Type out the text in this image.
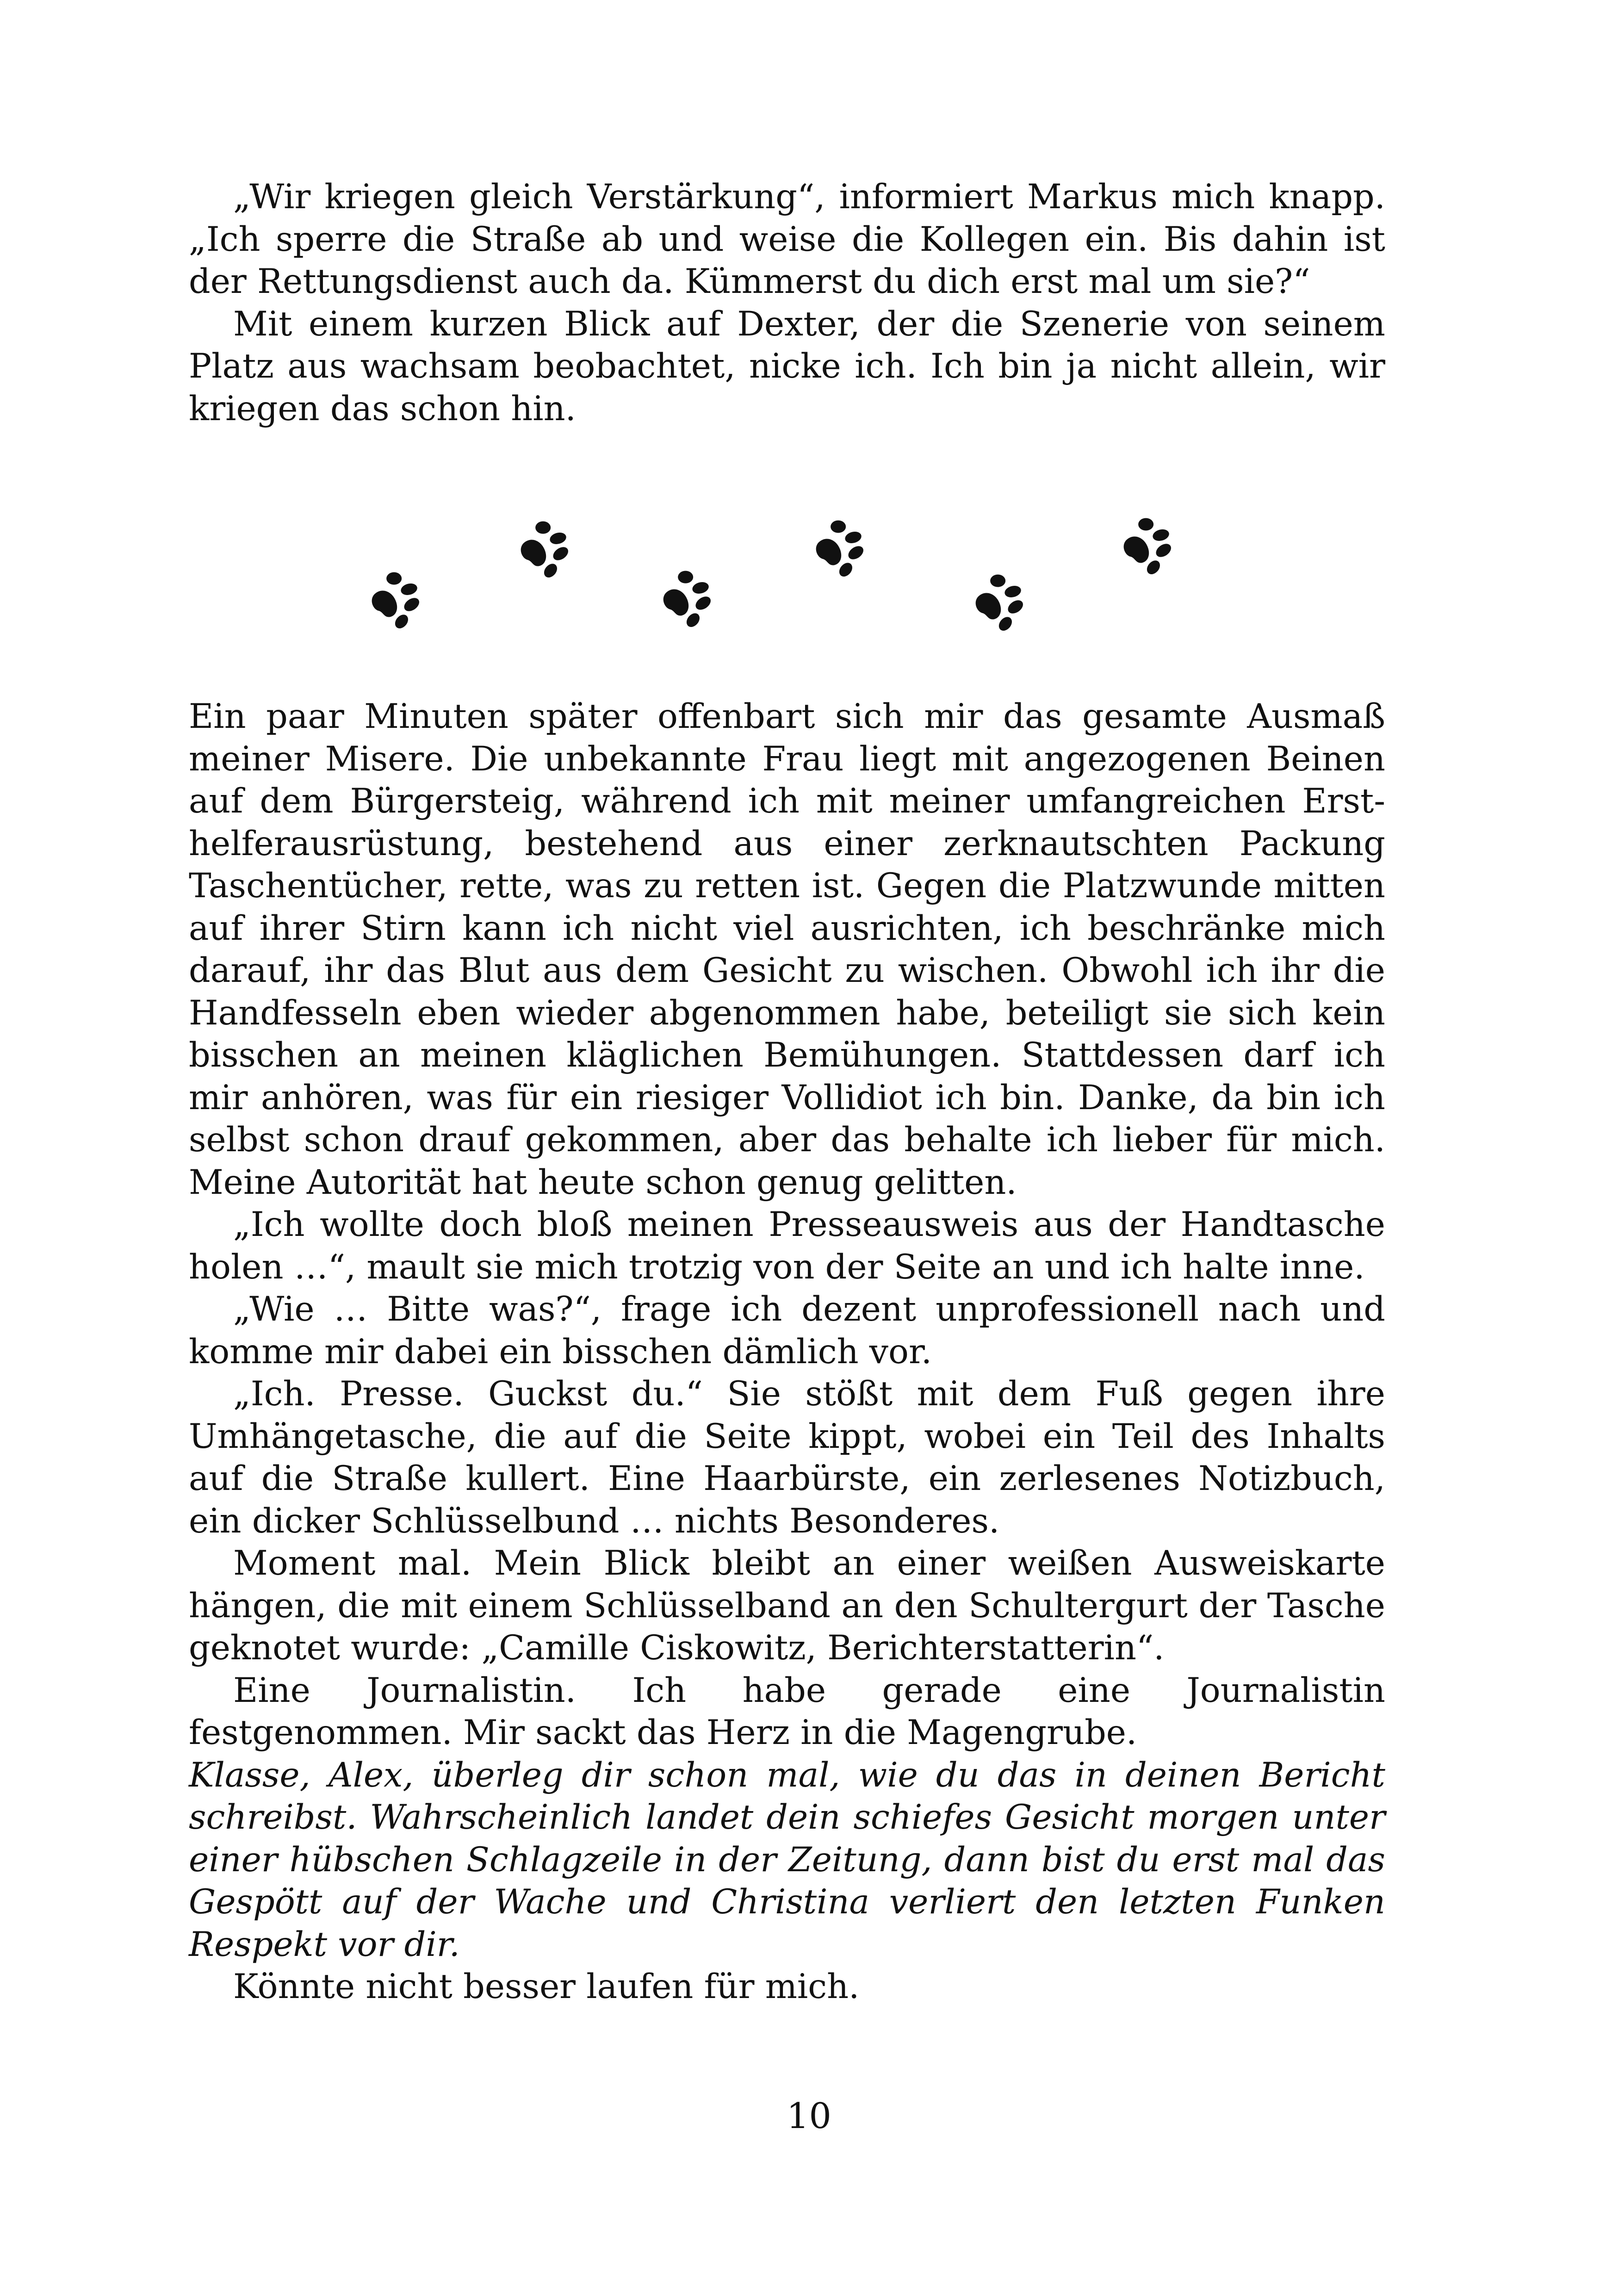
„Wir kriegen gleich Verstärkung“, informiert Markus mich knapp. „Ich sperre die Straße ab und weise die Kollegen ein. Bis dahin ist der Rettungsdienst auch da. Kümmerst du dich erst mal um sie?“

Mit einem kurzen Blick auf Dexter, der die Szenerie von seinem Platz aus wachsam beobachtet, nicke ich. Ich bin ja nicht allein, wir kriegen das schon hin.

Ein paar Minuten später offenbart sich mir das gesamte Ausmaß meiner Misere. Die unbekannte Frau liegt mit angezogenen Beinen auf dem Bürgersteig, während ich mit meiner umfangreichen Ersthelferausrüstung, bestehend aus einer zerknautschten Packung Taschentücher, rette, was zu retten ist. Gegen die Platzwunde mitten auf ihrer Stirn kann ich nicht viel ausrichten, ich beschränke mich darauf, ihr das Blut aus dem Gesicht zu wischen. Obwohl ich ihr die Handfesseln eben wieder abgenommen habe, beteiligt sie sich kein bisschen an meinen kläglichen Bemühungen. Stattdessen darf ich mir anhören, was für ein riesiger Vollidiot ich bin. Danke, da bin ich selbst schon drauf gekommen, aber das behalte ich lieber für mich. Meine Autorität hat heute schon genug gelitten.

„Ich wollte doch bloß meinen Presseausweis aus der Handtasche holen …“, mault sie mich trotzig von der Seite an und ich halte inne.

„Wie … Bitte was?“, frage ich dezent unprofessionell nach und komme mir dabei ein bisschen dämlich vor.

„Ich. Presse. Guckst du.“ Sie stößt mit dem Fuß gegen ihre Umhängetasche, die auf die Seite kippt, wobei ein Teil des Inhalts auf die Straße kullert. Eine Haarbürste, ein zerlesenes Notizbuch, ein dicker Schlüsselbund … nichts Besonderes.

Moment mal. Mein Blick bleibt an einer weißen Ausweiskarte hängen, die mit einem Schlüsselband an den Schultergurt der Tasche geknotet wurde: „Camille Ciskowitz, Berichterstatterin“.

Eine Journalistin. Ich habe gerade eine Journalistin festgenommen. Mir sackt das Herz in die Magengrube.

Klasse, Alex, überleg dir schon mal, wie du das in deinen Bericht schreibst. Wahrscheinlich landet dein schiefes Gesicht morgen unter einer hübschen Schlagzeile in der Zeitung, dann bist du erst mal das Gespött auf der Wache und Christina verliert den letzten Funken Respekt vor dir.

Könnte nicht besser laufen für mich.

10
